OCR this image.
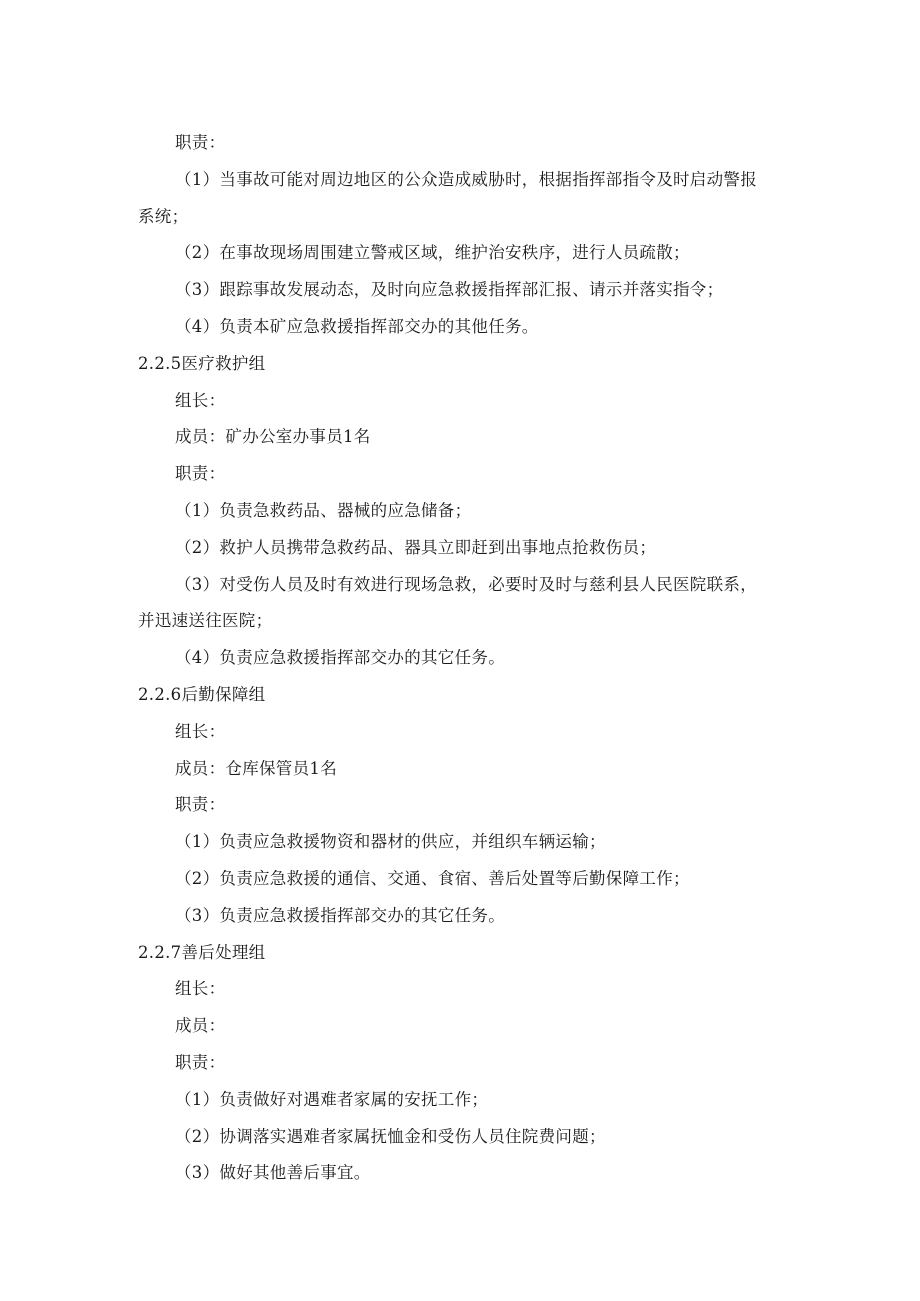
职责：
（1）当事故可能对周边地区的公众造成威胁时，根据指挥部指令及时启动警报
系统；
（2）在事故现场周围建立警戒区域，维护治安秩序，进行人员疏散；
（3）跟踪事故发展动态，及时向应急救援指挥部汇报、请示并落实指令；
（4）负责本矿应急救援指挥部交办的其他任务。
2.2.5医疗救护组
组长：
成员：矿办公室办事员1名
职责：
（1）负责急救药品、器械的应急储备；
（2）救护人员携带急救药品、器具立即赶到出事地点抢救伤员；
（3）对受伤人员及时有效进行现场急救，必要时及时与慈利县人民医院联系，
并迅速送往医院；
（4）负责应急救援指挥部交办的其它任务。
2.2.6后勤保障组
组长：
成员：仓库保管员1名
职责：
（1）负责应急救援物资和器材的供应，并组织车辆运输；
（2）负责应急救援的通信、交通、食宿、善后处置等后勤保障工作；
（3）负责应急救援指挥部交办的其它任务。
2.2.7善后处理组
组长：
成员：
职责：
（1）负责做好对遇难者家属的安抚工作；
（2）协调落实遇难者家属抚恤金和受伤人员住院费问题；
（3）做好其他善后事宜。
